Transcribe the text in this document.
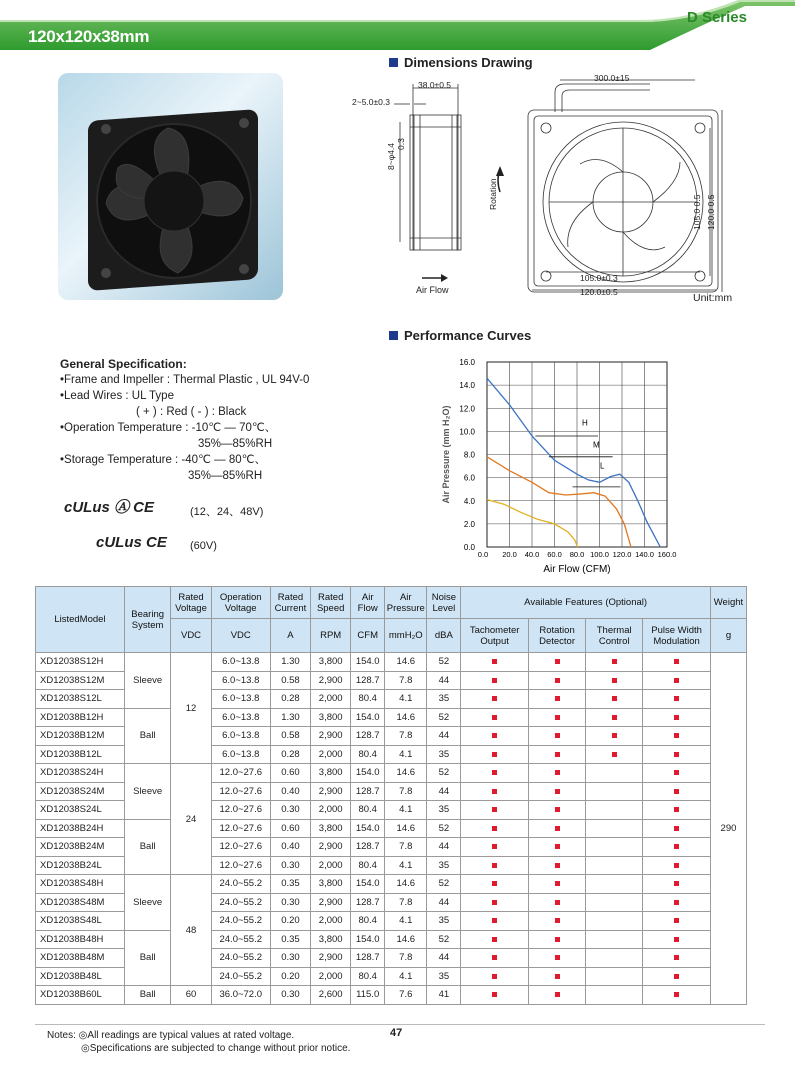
120x120x38mm
D Series
Dimensions Drawing
38.0±0.5
2~5.0±0.3
8~φ4.4 0.3
300.0±15
Rotation
Air Flow
105.0±0.3
120.0±0.5
105.0 0.5 120.0 0.5
Unit:mm
General Specification:
•Frame and Impeller : Thermal Plastic , UL 94V-0
•Lead Wires : UL Type
( + ) : Red ( - ) : Black
•Operation Temperature : -10℃ — 70℃、
35%—85%RH
•Storage Temperature : -40℃ — 80℃、
35%—85%RH
cULus Ⓐ CE	(12、24、48V)
cULus CE (60V)
Performance Curves
0.0
2.0
4.0
6.0
8.0
10.0
12.0
14.0
16.0
0.0 20.0 40.0 60.0 80.0 100.0 120.0 140.0 160.0
Air Flow (CFM)
Air Pressure (mm H₂O)	H
M
L
ListedModel	Bearing System	Rated Voltage	Operation Voltage	Rated Current	Rated Speed	Air Flow	Air Pressure	Noise Level	Available Features (Optional)				Weight
		VDC	VDC	A	RPM	CFM	mmH₂O	dBA	Tachometer Output	Rotation Detector	Thermal Control	Pulse Width Modulation	g
XD12038S12H	Sleeve	12	6.0~13.8	1.30	3,800	154.0	14.6	52					290
XD12038S12M			6.0~13.8	0.58	2,900	128.7	7.8	44					
XD12038S12L			6.0~13.8	0.28	2,000	80.4	4.1	35					
XD12038B12H	Ball		6.0~13.8	1.30	3,800	154.0	14.6	52					
XD12038B12M			6.0~13.8	0.58	2,900	128.7	7.8	44					
XD12038B12L			6.0~13.8	0.28	2,000	80.4	4.1	35					
XD12038S24H	Sleeve	24	12.0~27.6	0.60	3,800	154.0	14.6	52					
XD12038S24M			12.0~27.6	0.40	2,900	128.7	7.8	44					
XD12038S24L			12.0~27.6	0.30	2,000	80.4	4.1	35					
XD12038B24H	Ball		12.0~27.6	0.60	3,800	154.0	14.6	52					
XD12038B24M			12.0~27.6	0.40	2,900	128.7	7.8	44					
XD12038B24L			12.0~27.6	0.30	2,000	80.4	4.1	35					
XD12038S48H	Sleeve	48	24.0~55.2	0.35	3,800	154.0	14.6	52					
XD12038S48M			24.0~55.2	0.30	2,900	128.7	7.8	44					
XD12038S48L			24.0~55.2	0.20	2,000	80.4	4.1	35					
XD12038B48H	Ball		24.0~55.2	0.35	3,800	154.0	14.6	52					
XD12038B48M			24.0~55.2	0.30	2,900	128.7	7.8	44					
XD12038B48L			24.0~55.2	0.20	2,000	80.4	4.1	35					
XD12038B60L	Ball	60	36.0~72.0	0.30	2,600	115.0	7.6	41					
Notes: ◎All readings are typical values at rated voltage.
◎Specifications are subjected to change without prior notice.
47
